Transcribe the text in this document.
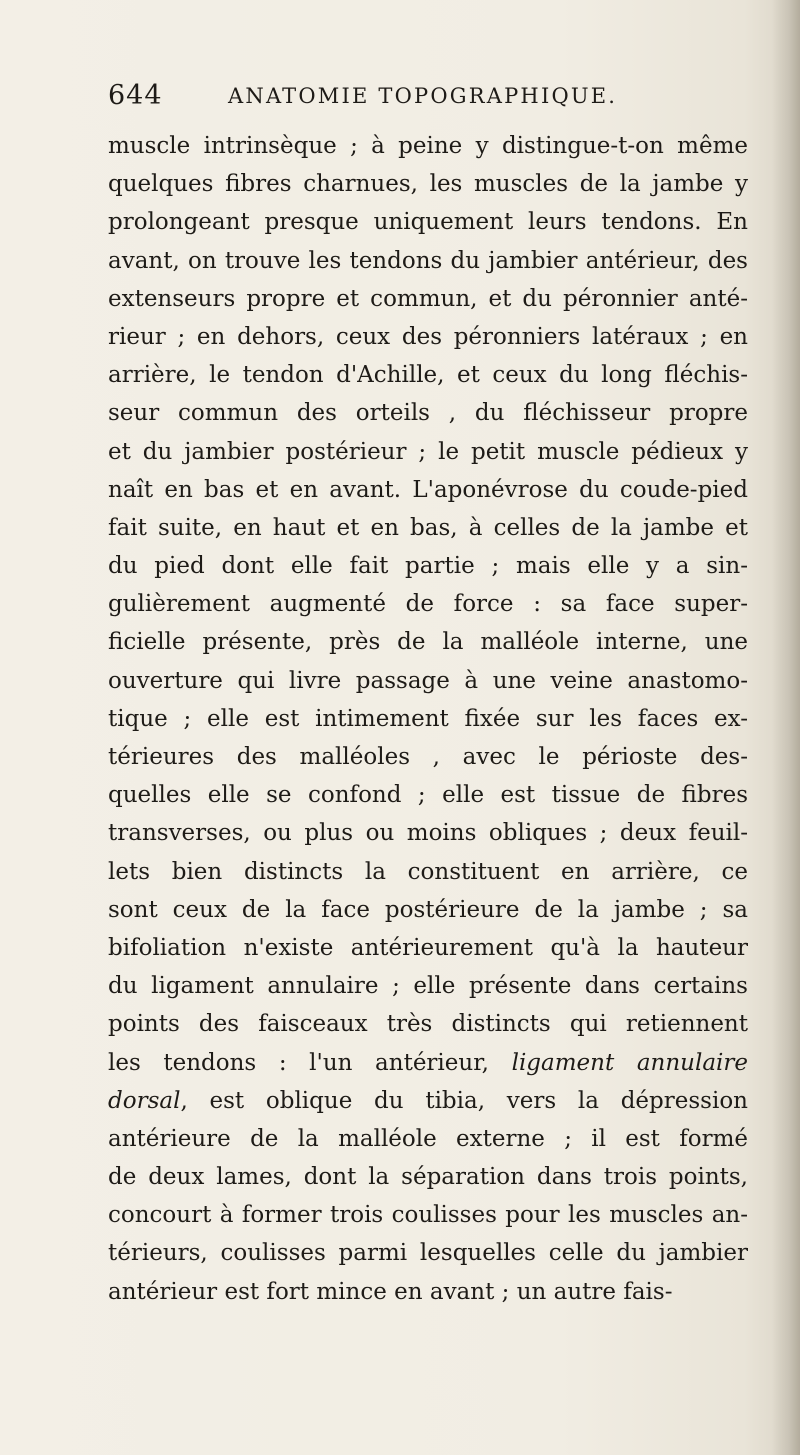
644	ANATOMIE TOPOGRAPHIQUE.
muscle intrinsèque ; à peine y distingue-t-on même
quelques fibres charnues, les muscles de la jambe y
prolongeant presque uniquement leurs tendons. En
avant, on trouve les tendons du jambier antérieur, des
extenseurs propre et commun, et du péronnier anté-
rieur ; en dehors, ceux des péronniers latéraux ; en
arrière, le tendon d'Achille, et ceux du long fléchis-
seur commun des orteils , du fléchisseur propre
et du jambier postérieur ; le petit muscle pédieux y
naît en bas et en avant. L'aponévrose du coude-pied
fait suite, en haut et en bas, à celles de la jambe et
du pied dont elle fait partie ; mais elle y a sin-
gulièrement augmenté de force : sa face super-
ficielle présente, près de la malléole interne, une
ouverture qui livre passage à une veine anastomo-
tique ; elle est intimement fixée sur les faces ex-
térieures des malléoles , avec le périoste des-
quelles elle se confond ; elle est tissue de fibres
transverses, ou plus ou moins obliques ; deux feuil-
lets bien distincts la constituent en arrière, ce
sont ceux de la face postérieure de la jambe ; sa
bifoliation n'existe antérieurement qu'à la hauteur
du ligament annulaire ; elle présente dans certains
points des faisceaux très distincts qui retiennent
les tendons : l'un antérieur, ligament annulaire
dorsal, est oblique du tibia, vers la dépression
antérieure de la malléole externe ; il est formé
de deux lames, dont la séparation dans trois points,
concourt à former trois coulisses pour les muscles an-
térieurs, coulisses parmi lesquelles celle du jambier
antérieur est fort mince en avant ; un autre fais-
